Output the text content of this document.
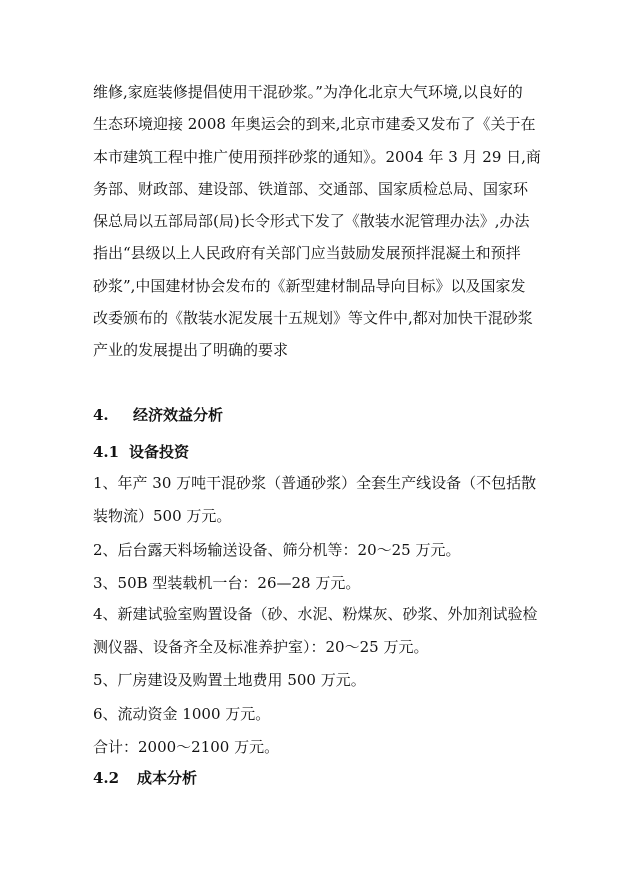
维修,家庭装修提倡使用干混砂浆。”为净化北京大气环境,以良好的
生态环境迎接 2008 年奥运会的到来,北京市建委又发布了《关于在
本市建筑工程中推广使用预拌砂浆的通知》。2004 年 3 月 29 日,商
务部、财政部、建设部、铁道部、交通部、国家质检总局、国家环
保总局以五部局部(局)长令形式下发了《散装水泥管理办法》,办法
指出“县级以上人民政府有关部门应当鼓励发展预拌混凝土和预拌
砂浆”,中国建材协会发布的《新型建材制品导向目标》以及国家发
改委颁布的《散装水泥发展十五规划》等文件中,都对加快干混砂浆
产业的发展提出了明确的要求

4. 经济效益分析

4.1 设备投资

1、年产 30 万吨干混砂浆（普通砂浆）全套生产线设备（不包括散
装物流）500 万元。

2、后台露天料场输送设备、筛分机等：20～25 万元。

3、50B 型装载机一台：26—28 万元。

4、新建试验室购置设备（砂、水泥、粉煤灰、砂浆、外加剂试验检
测仪器、设备齐全及标准养护室）：20～25 万元。

5、厂房建设及购置土地费用 500 万元。

6、流动资金 1000 万元。

合计：2000～2100 万元。

4.2 成本分析
